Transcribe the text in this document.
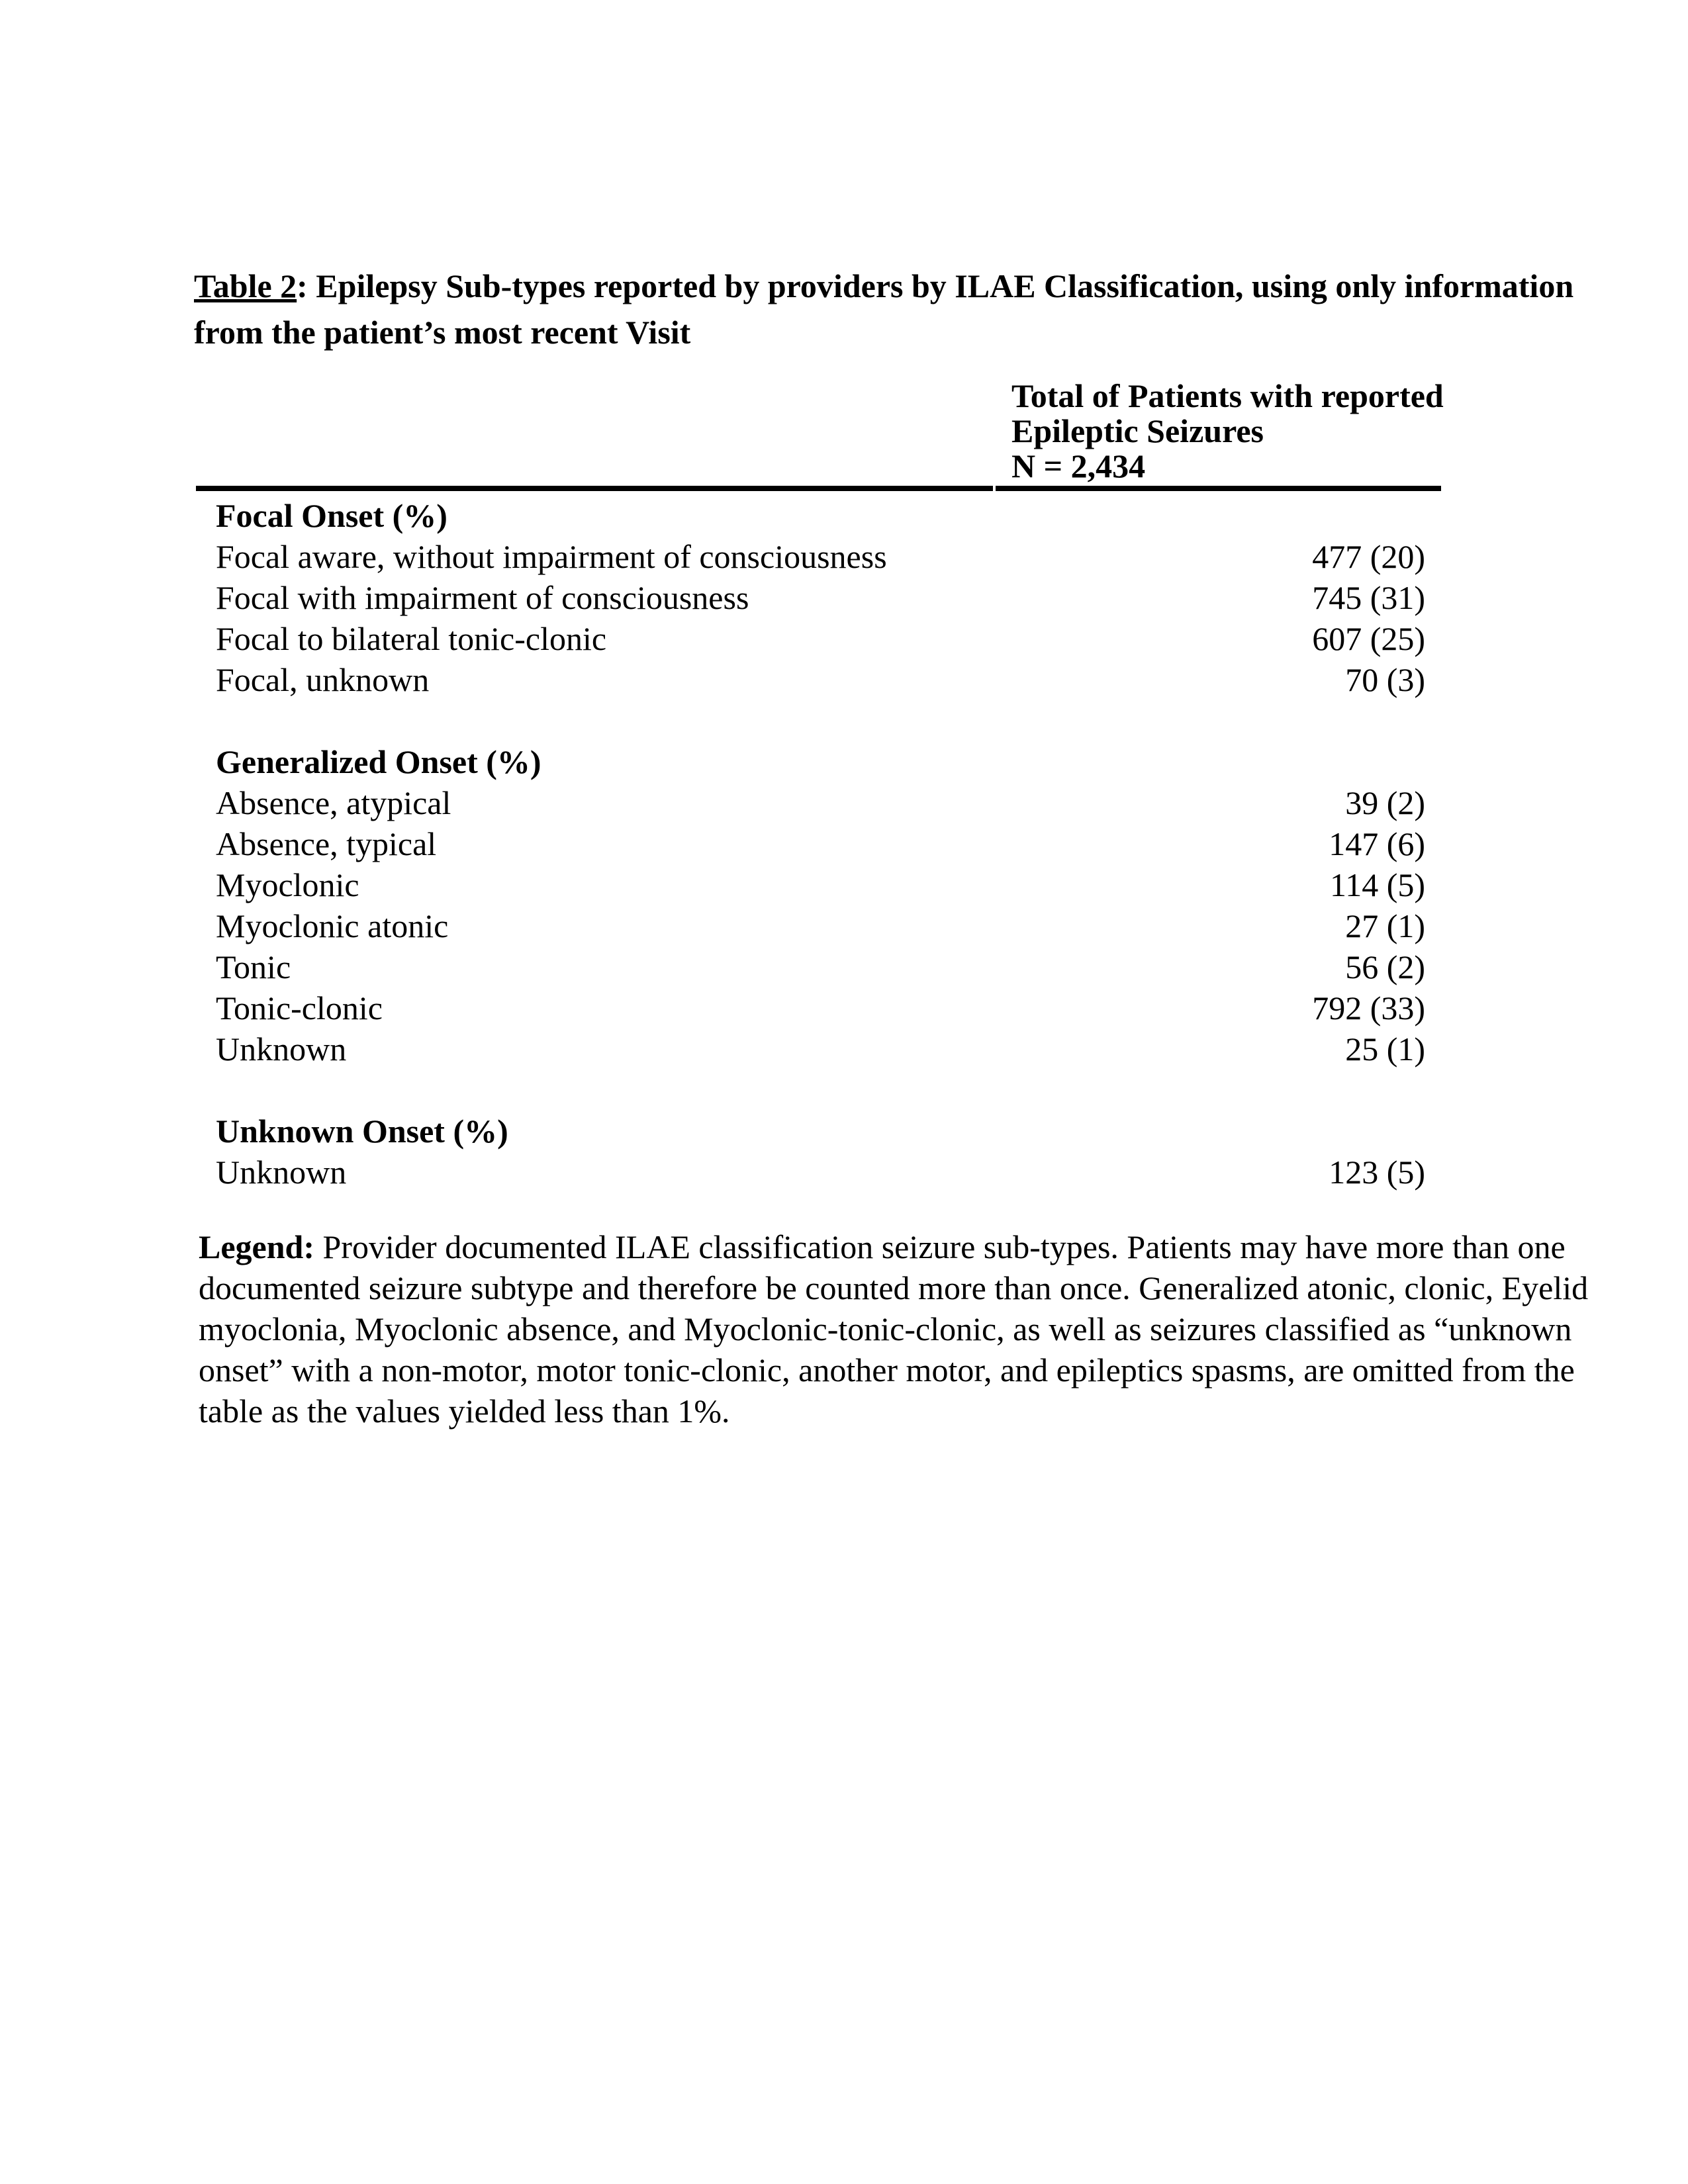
Table 2: Epilepsy Sub-types reported by providers by ILAE Classification, using only information
from the patient’s most recent Visit
Total of Patients with reported
Epileptic Seizures
N = 2,434
Focal Onset (%)
Focal aware, without impairment of consciousness	477 (20)
Focal with impairment of consciousness	745 (31)
Focal to bilateral tonic-clonic	607 (25)
Focal, unknown	70 (3)
Generalized Onset (%)
Absence, atypical	39 (2)
Absence, typical	147 (6)
Myoclonic	114 (5)
Myoclonic atonic	27 (1)
Tonic	56 (2)
Tonic-clonic	792 (33)
Unknown	25 (1)
Unknown Onset (%)
Unknown	123 (5)
Legend: Provider documented ILAE classification seizure sub-types. Patients may have more than one
documented seizure subtype and therefore be counted more than once. Generalized atonic, clonic, Eyelid
myoclonia, Myoclonic absence, and Myoclonic-tonic-clonic, as well as seizures classified as “unknown
onset” with a non-motor, motor tonic-clonic, another motor, and epileptics spasms, are omitted from the
table as the values yielded less than 1%.
